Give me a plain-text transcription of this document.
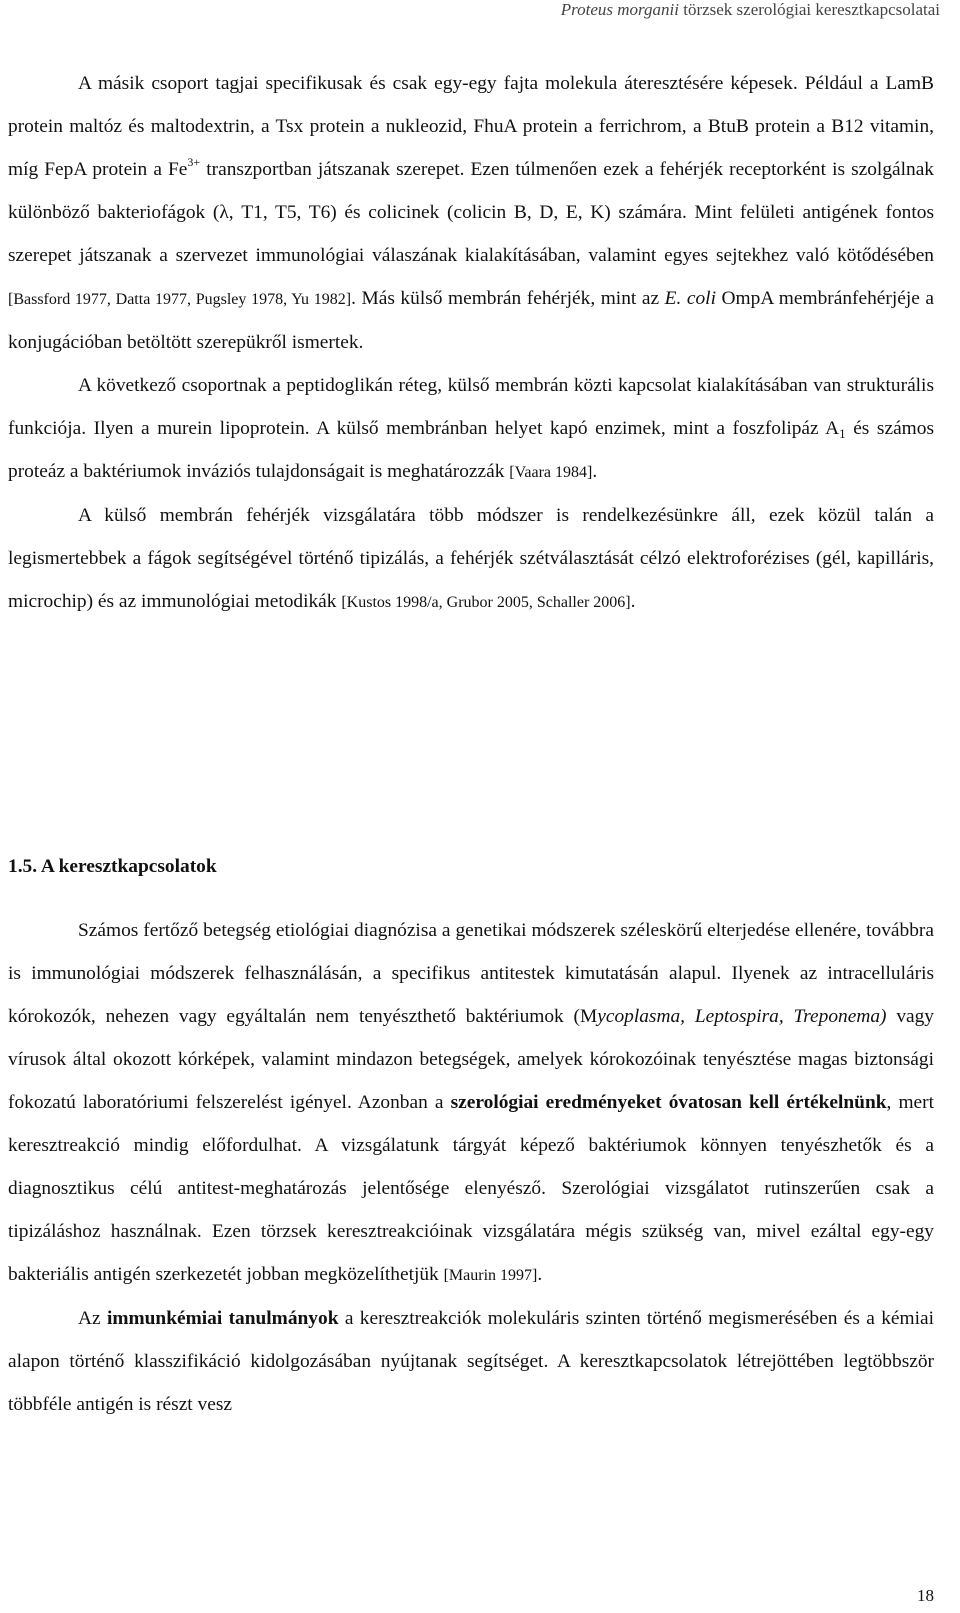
Proteus morganii törzsek szerológiai keresztkapcsolatai

A másik csoport tagjai specifikusak és csak egy-egy fajta molekula áteresztésére képesek. Például a LamB protein maltóz és maltodextrin, a Tsx protein a nukleozid, FhuA protein a ferrichrom, a BtuB protein a B12 vitamin, míg FepA protein a $Fe^{3+}$ transzportban játszanak szerepet. Ezen túlmenően ezek a fehérjék receptorként is szolgálnak különböző bakteriofágok (λ, T1, T5, T6) és colicinek (colicin B, D, E, K) számára. Mint felületi antigének fontos szerepet játszanak a szervezet immunológiai válaszának kialakításában, valamint egyes sejtekhez való kötődésében [Bassford 1977, Datta 1977, Pugsley 1978, Yu 1982]. Más külső membrán fehérjék, mint az E. coli OmpA membránfehérjéje a konjugációban betöltött szerepükről ismertek.

A következő csoportnak a peptidoglikán réteg, külső membrán közti kapcsolat kialakításában van strukturális funkciója. Ilyen a murein lipoprotein. A külső membránban helyet kapó enzimek, mint a foszfolipáz $A_1$ és számos proteáz a baktériumok inváziós tulajdonságait is meghatározzák [Vaara 1984].

A külső membrán fehérjék vizsgálatára több módszer is rendelkezésünkre áll, ezek közül talán a legismertebbek a fágok segítségével történő tipizálás, a fehérjék szétválasztását célzó elektroforézises (gél, kapilláris, microchip) és az immunológiai metodikák [Kustos 1998/a, Grubor 2005, Schaller 2006].

1.5. A keresztkapcsolatok

Számos fertőző betegség etiológiai diagnózisa a genetikai módszerek széleskörű elterjedése ellenére, továbbra is immunológiai módszerek felhasználásán, a specifikus antitestek kimutatásán alapul. Ilyenek az intracelluláris kórokozók, nehezen vagy egyáltalán nem tenyészthető baktériumok (Mycoplasma, Leptospira, Treponema) vagy vírusok által okozott kórképek, valamint mindazon betegségek, amelyek kórokozóinak tenyésztése magas biztonsági fokozatú laboratóriumi felszerelést igényel. Azonban a szerológiai eredményeket óvatosan kell értékelnünk, mert keresztreakció mindig előfordulhat. A vizsgálatunk tárgyát képező baktériumok könnyen tenyészhetők és a diagnosztikus célú antitest-meghatározás jelentősége elenyésző. Szerológiai vizsgálatot rutinszerűen csak a tipizáláshoz használnak. Ezen törzsek keresztreakcióinak vizsgálatára mégis szükség van, mivel ezáltal egy-egy bakteriális antigén szerkezetét jobban megközelíthetjük [Maurin 1997].

Az immunkémiai tanulmányok a keresztreakciók molekuláris szinten történő megismerésében és a kémiai alapon történő klasszifikáció kidolgozásában nyújtanak segítséget. A keresztkapcsolatok létrejöttében legtöbbször többféle antigén is részt vesz

18
